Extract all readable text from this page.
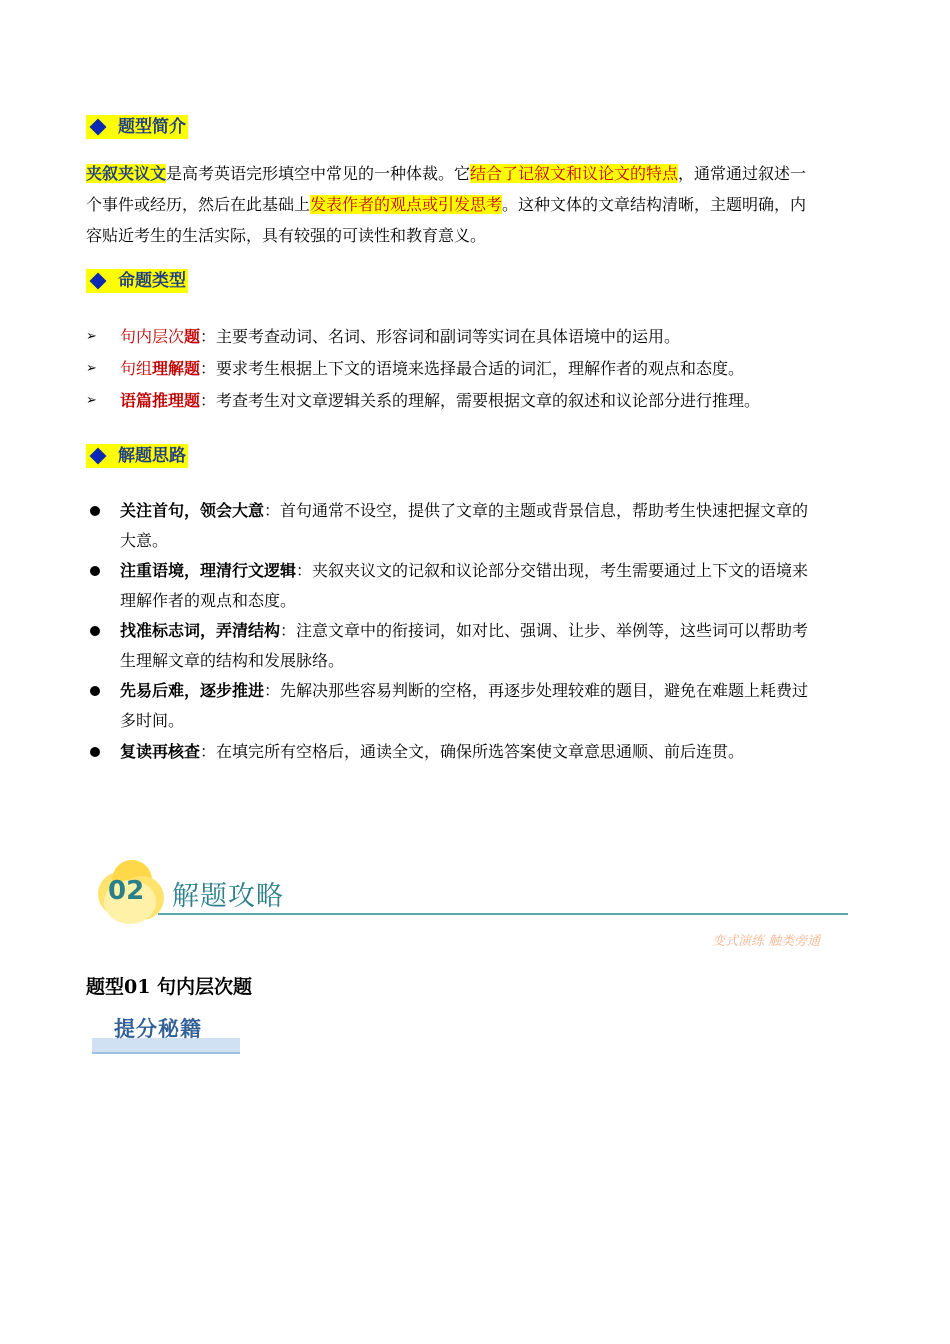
题型简介
夹叙夹议文是高考英语完形填空中常见的一种体裁。它结合了记叙文和议论文的特点，通常通过叙述一
个事件或经历，然后在此基础上发表作者的观点或引发思考。这种文体的文章结构清晰，主题明确，内
容贴近考生的生活实际，具有较强的可读性和教育意义。
命题类型
➢	句内层次题：主要考查动词、名词、形容词和副词等实词在具体语境中的运用。
➢	句组理解题：要求考生根据上下文的语境来选择最合适的词汇，理解作者的观点和态度。
➢	语篇推理题：考查考生对文章逻辑关系的理解，需要根据文章的叙述和议论部分进行推理。
解题思路
关注首句，领会大意：首句通常不设空，提供了文章的主题或背景信息，帮助考生快速把握文章的
大意。
注重语境，理清行文逻辑：夹叙夹议文的记叙和议论部分交错出现，考生需要通过上下文的语境来
理解作者的观点和态度。
找准标志词，弄清结构：注意文章中的衔接词，如对比、强调、让步、举例等，这些词可以帮助考
生理解文章的结构和发展脉络。
先易后难，逐步推进：先解决那些容易判断的空格，再逐步处理较难的题目，避免在难题上耗费过
多时间。
复读再核查：在填完所有空格后，通读全文，确保所选答案使文章意思通顺、前后连贯。
02 解题攻略
变式演练 触类旁通
题型01 句内层次题
提分秘籍
